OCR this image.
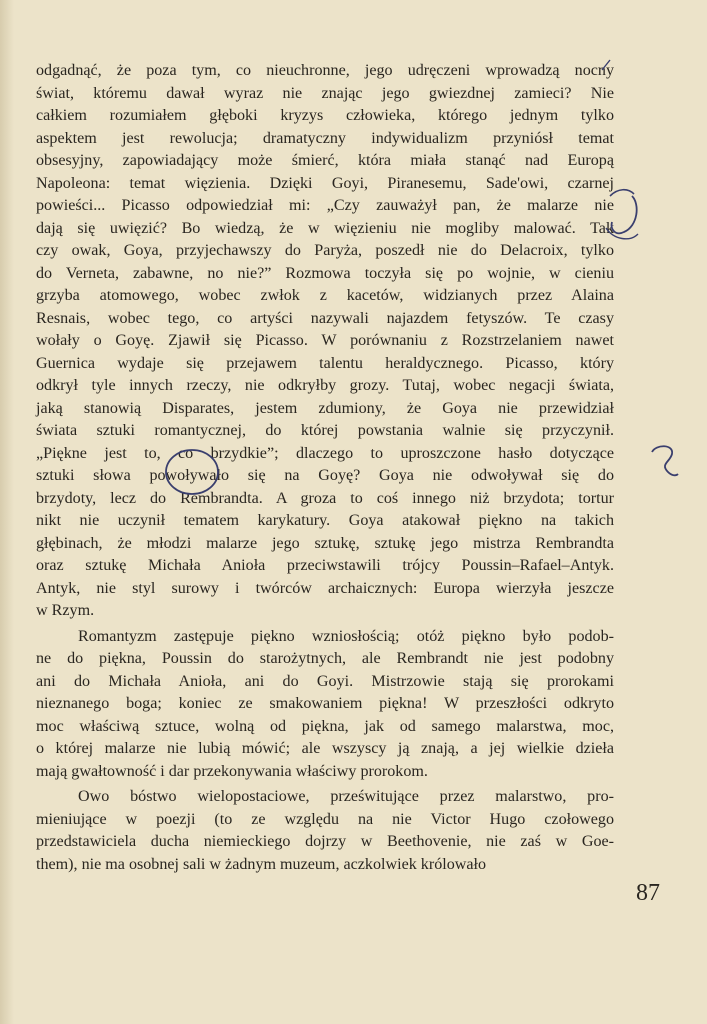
odgadnąć, że poza tym, co nieuchronne, jego udręczeni wprowadzą nocny
świat, któremu dawał wyraz nie znając jego gwiezdnej zamieci? Nie
całkiem rozumiałem głęboki kryzys człowieka, którego jednym tylko
aspektem jest rewolucja; dramatyczny indywidualizm przyniósł temat
obsesyjny, zapowiadający może śmierć, która miała stanąć nad Europą
Napoleona: temat więzienia. Dzięki Goyi, Piranesemu, Sade'owi, czarnej
powieści... Picasso odpowiedział mi: „Czy zauważył pan, że malarze nie
dają się uwięzić? Bo wiedzą, że w więzieniu nie mogliby malować. Tak
czy owak, Goya, przyjechawszy do Paryża, poszedł nie do Delacroix, tylko
do Verneta, zabawne, no nie?” Rozmowa toczyła się po wojnie, w cieniu
grzyba atomowego, wobec zwłok z kacetów, widzianych przez Alaina
Resnais, wobec tego, co artyści nazywali najazdem fetyszów. Te czasy
wołały o Goyę. Zjawił się Picasso. W porównaniu z Rozstrzelaniem nawet
Guernica wydaje się przejawem talentu heraldycznego. Picasso, który
odkrył tyle innych rzeczy, nie odkryłby grozy. Tutaj, wobec negacji świata,
jaką stanowią Disparates, jestem zdumiony, że Goya nie przewidział
świata sztuki romantycznej, do której powstania walnie się przyczynił.
„Piękne jest to, co brzydkie”; dlaczego to uproszczone hasło dotyczące
sztuki słowa powoływało się na Goyę? Goya nie odwoływał się do
brzydoty, lecz do Rembrandta. A groza to coś innego niż brzydota; tortur
nikt nie uczynił tematem karykatury. Goya atakował piękno na takich
głębinach, że młodzi malarze jego sztukę, sztukę jego mistrza Rembrandta
oraz sztukę Michała Anioła przeciwstawili trójcy Poussin–Rafael–Antyk.
Antyk, nie styl surowy i twórców archaicznych: Europa wierzyła jeszcze
w Rzym.
Romantyzm zastępuje piękno wzniosłością; otóż piękno było podob-
ne do piękna, Poussin do starożytnych, ale Rembrandt nie jest podobny
ani do Michała Anioła, ani do Goyi. Mistrzowie stają się prorokami
nieznanego boga; koniec ze smakowaniem piękna! W przeszłości odkryto
moc właściwą sztuce, wolną od piękna, jak od samego malarstwa, moc,
o której malarze nie lubią mówić; ale wszyscy ją znają, a jej wielkie dzieła
mają gwałtowność i dar przekonywania właściwy prorokom.
Owo bóstwo wielopostaciowe, prześwitujące przez malarstwo, pro-
mieniujące w poezji (to ze względu na nie Victor Hugo czołowego
przedstawiciela ducha niemieckiego dojrzy w Beethovenie, nie zaś w Goe-
them), nie ma osobnej sali w żadnym muzeum, aczkolwiek królowało
87
